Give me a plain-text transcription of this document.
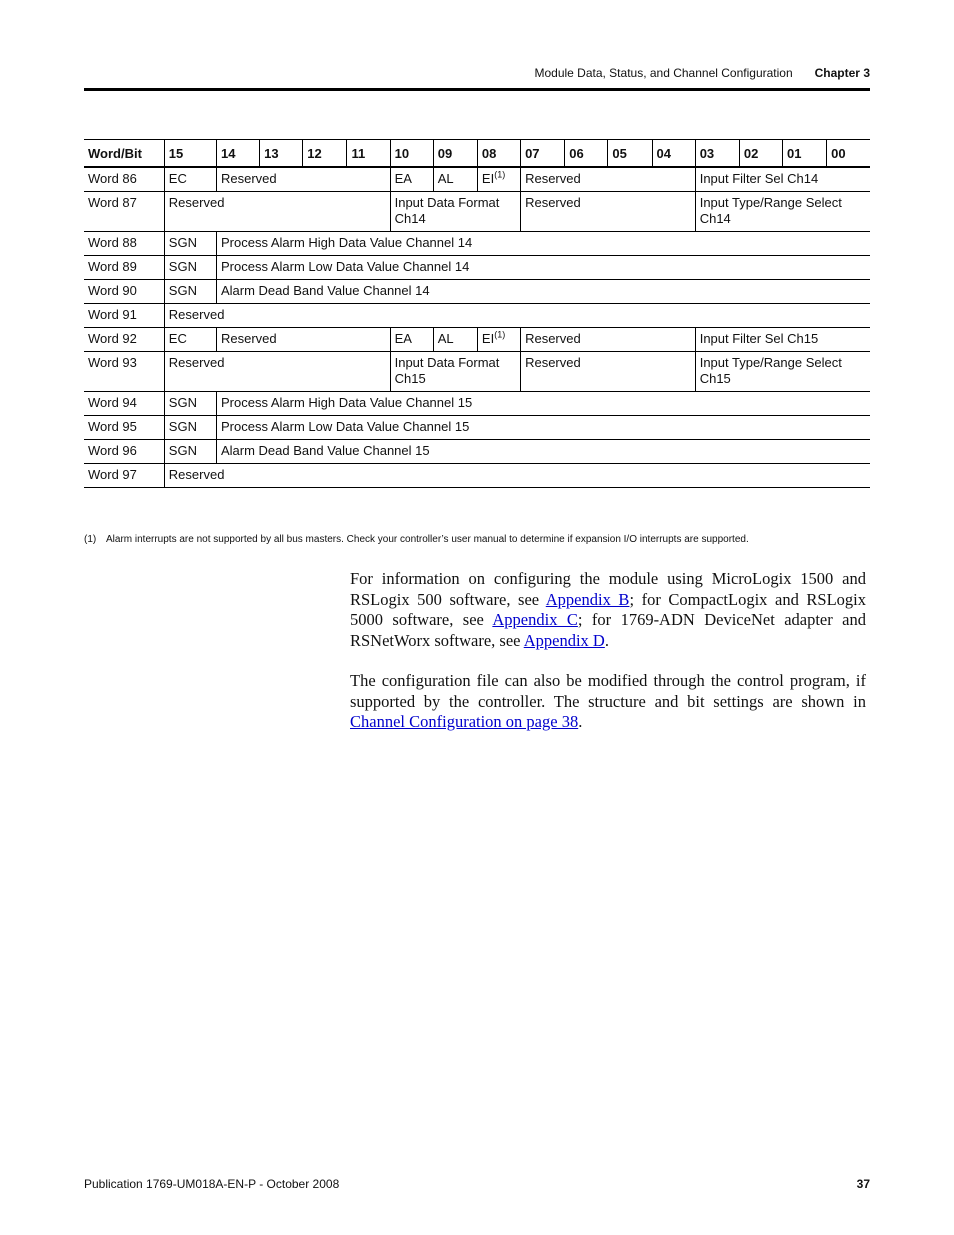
Module Data, Status, and Channel Configuration Chapter 3
Word/Bit	15	14	13	12	11	10	09	08	07	06	05	04	03	02	01	00
Word 86	EC	Reserved				EA	AL	EI$^{(1)}$	Reserved				Input Filter Sel Ch14			
Word 87	Reserved					Input Data Format Ch14			Reserved				Input Type/Range Select Ch14			
Word 88	SGN	Process Alarm High Data Value Channel 14														
Word 89	SGN	Process Alarm Low Data Value Channel 14														
Word 90	SGN	Alarm Dead Band Value Channel 14														
Word 91	Reserved															
Word 92	EC	Reserved				EA	AL	EI$^{(1)}$	Reserved				Input Filter Sel Ch15			
Word 93	Reserved					Input Data Format Ch15			Reserved				Input Type/Range Select Ch15			
Word 94	SGN	Process Alarm High Data Value Channel 15														
Word 95	SGN	Process Alarm Low Data Value Channel 15														
Word 96	SGN	Alarm Dead Band Value Channel 15														
Word 97	Reserved															
(1) Alarm interrupts are not supported by all bus masters. Check your controller’s user manual to determine if expansion I/O interrupts are supported.

For information on configuring the module using MicroLogix 1500 and RSLogix 500 software, see Appendix B; for CompactLogix and RSLogix 5000 software, see Appendix C; for 1769-ADN DeviceNet adapter and RSNetWorx software, see Appendix D.

The configuration file can also be modified through the control program, if supported by the controller. The structure and bit settings are shown in Channel Configuration on page 38.

Publication 1769-UM018A-EN-P - October 2008	37
